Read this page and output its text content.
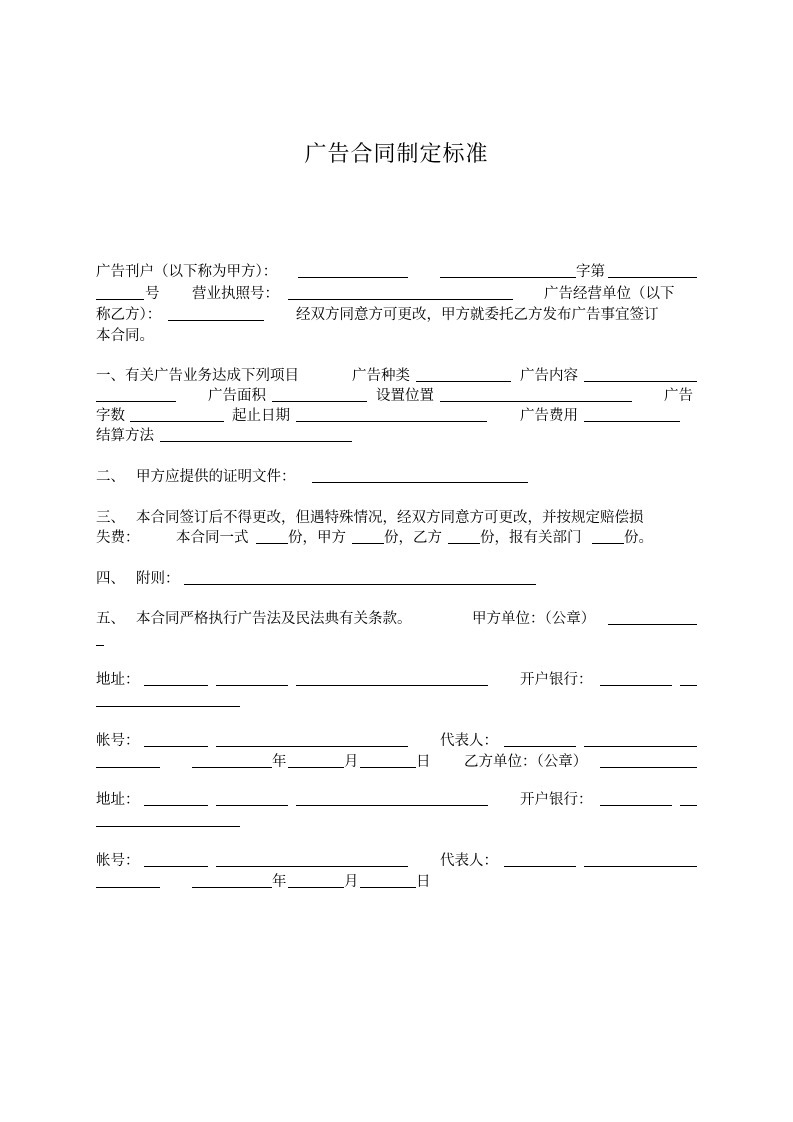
广告合同制定标准
广告刊户（以下称为甲方）：	字第
号 营业执照号：	广告经营单位（以下
称乙方）：	经双方同意方可更改，甲方就委托乙方发布广告事宜签订
本合同。
一、有关广告业务达成下列项目	广告种类	广告内容
广告面积	设置位置	广告
字数	起止日期	广告费用
结算方法
二、 甲方应提供的证明文件：
三、 本合同签订后不得更改，但遇特殊情况，经双方同意方可更改，并按规定赔偿损
失费：	本合同一式	份，甲方	份，乙方	份，报有关部门	份。
四、 附则：
五、 本合同严格执行广告法及民法典有关条款。	甲方单位：（公章）
地址：	开户银行：
帐号：	代表人：
年	月	日 乙方单位：（公章）
地址：	开户银行：
帐号：	代表人：
年	月	日
